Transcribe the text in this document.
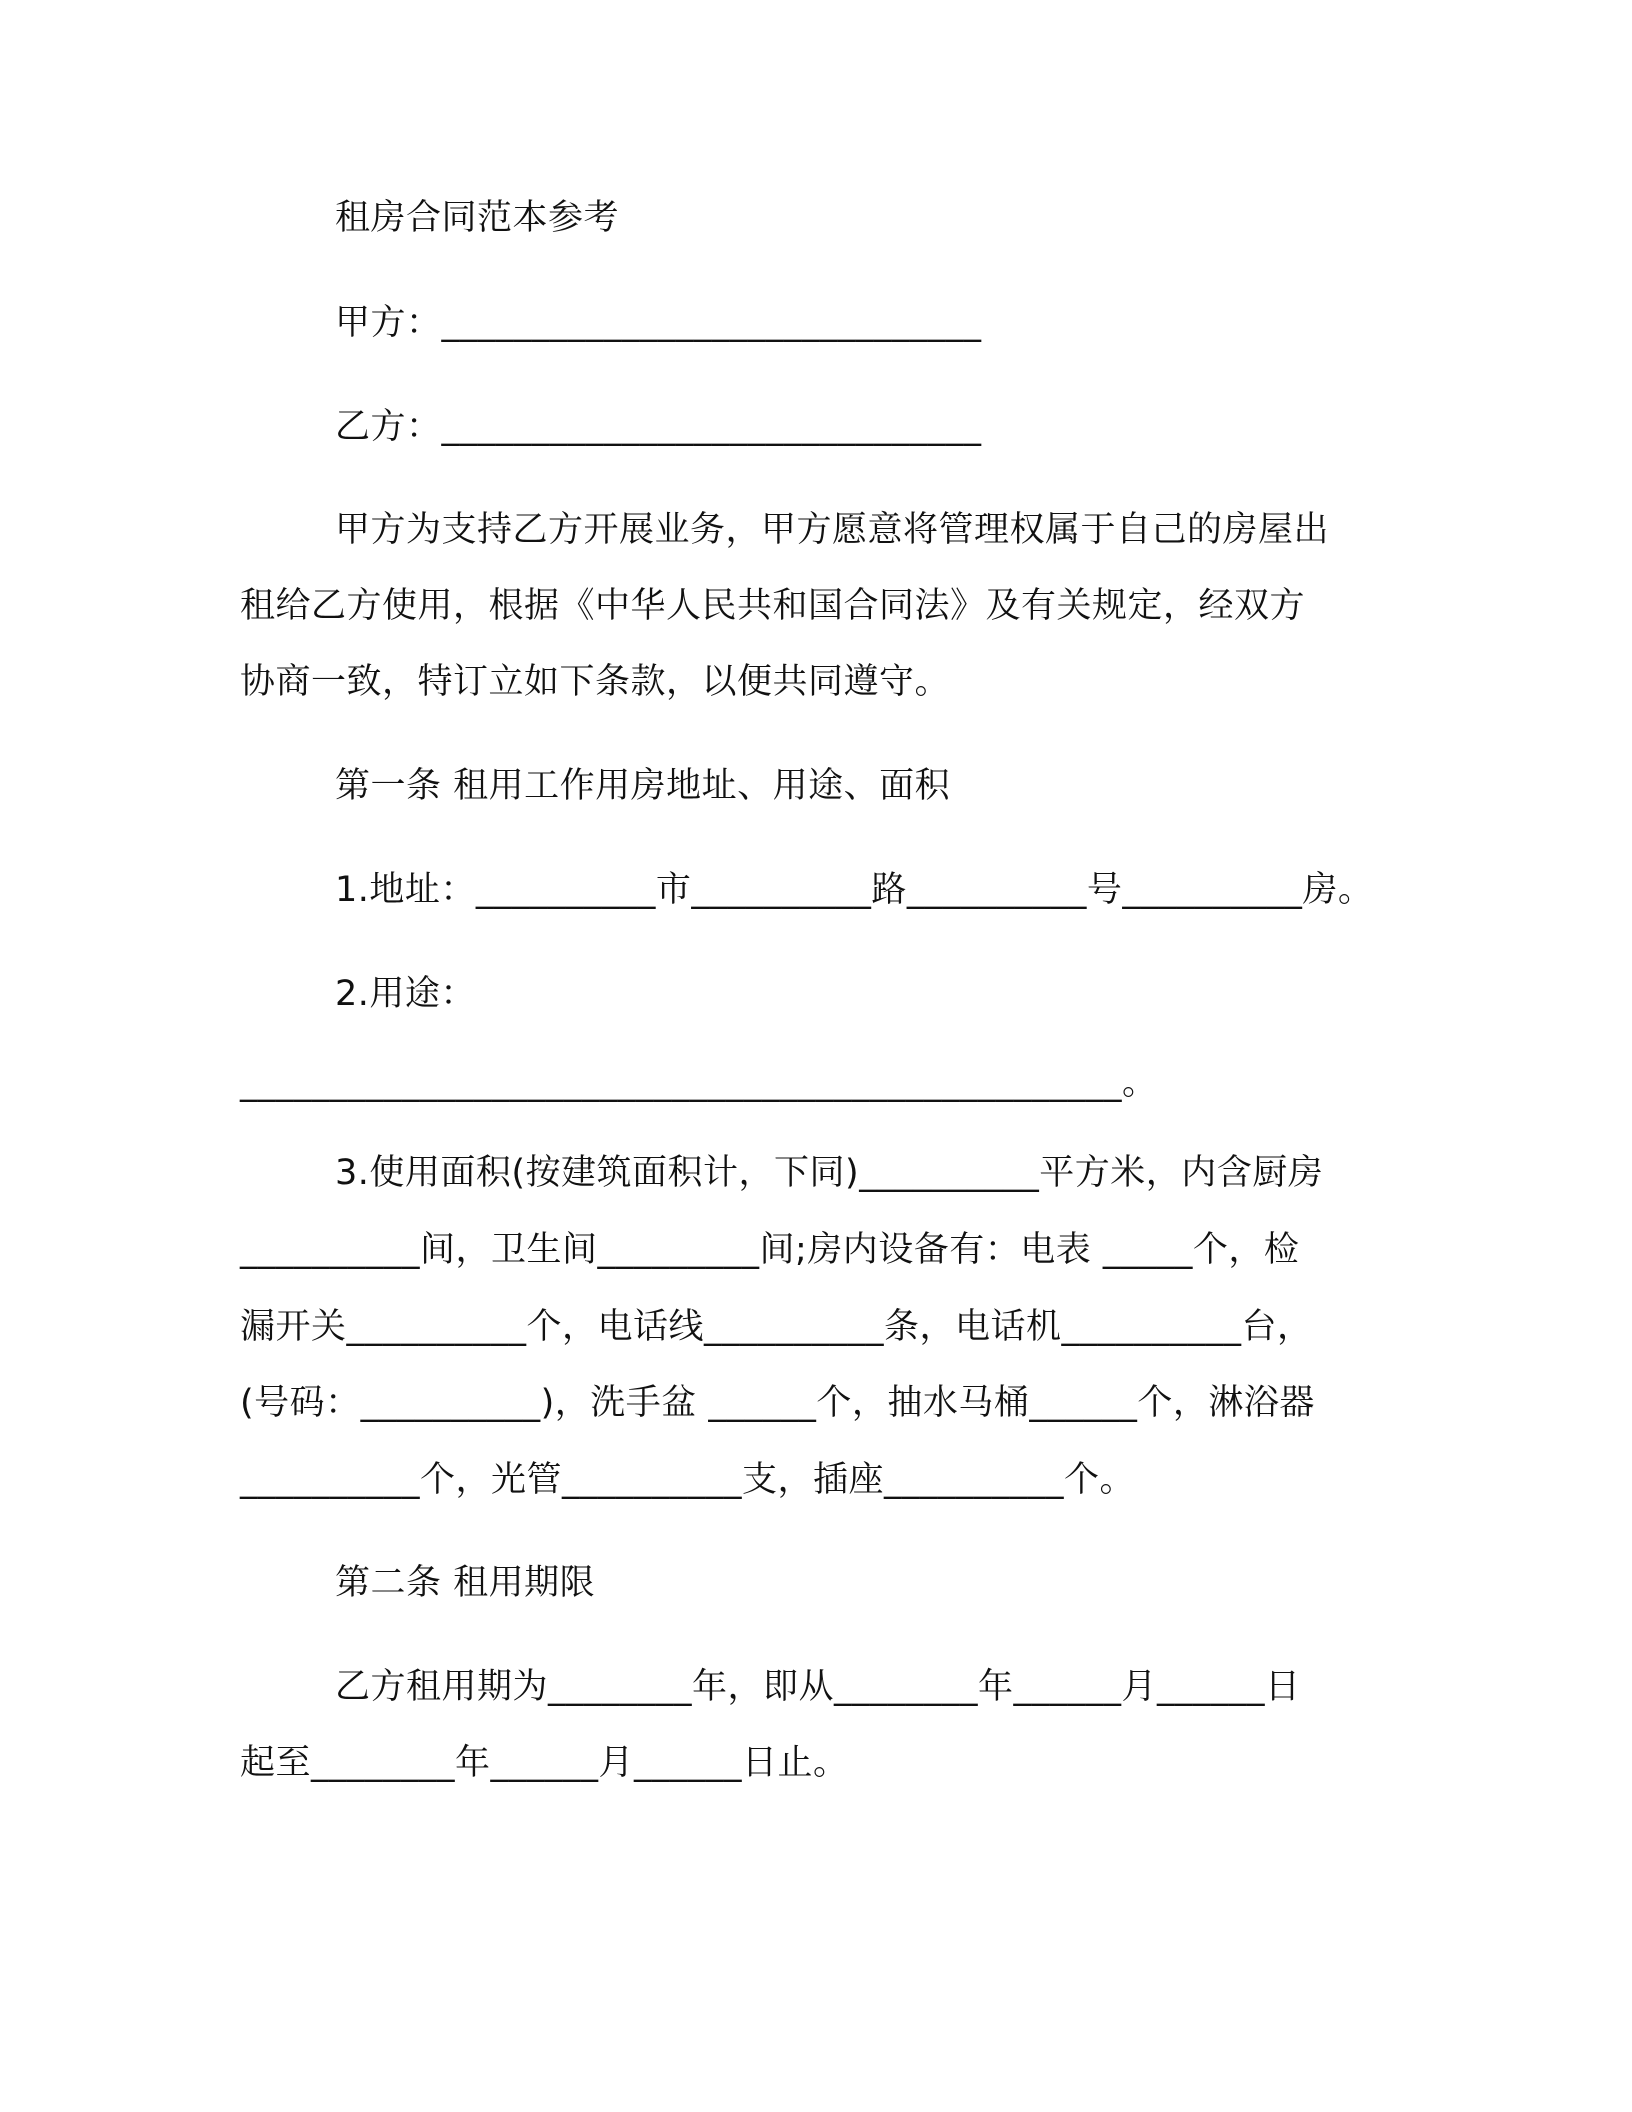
租房合同范本参考
甲方：______________________________
乙方：______________________________
甲方为支持乙方开展业务，甲方愿意将管理权属于自己的房屋出
租给乙方使用，根据《中华人民共和国合同法》及有关规定，经双方
协商一致，特订立如下条款，以便共同遵守。
第一条 租用工作用房地址、用途、面积
1.地址：__________市__________路__________号__________房。
2.用途：
_________________________________________________。
3.使用面积(按建筑面积计，下同)__________平方米，内含厨房
__________间，卫生间_________间;房内设备有：电表 _____个，检
漏开关__________个，电话线__________条，电话机__________台，
(号码：__________)，洗手盆 ______个，抽水马桶______个，淋浴器
__________个，光管__________支，插座__________个。
第二条 租用期限
乙方租用期为________年，即从________年______月______日
起至________年______月______日止。
